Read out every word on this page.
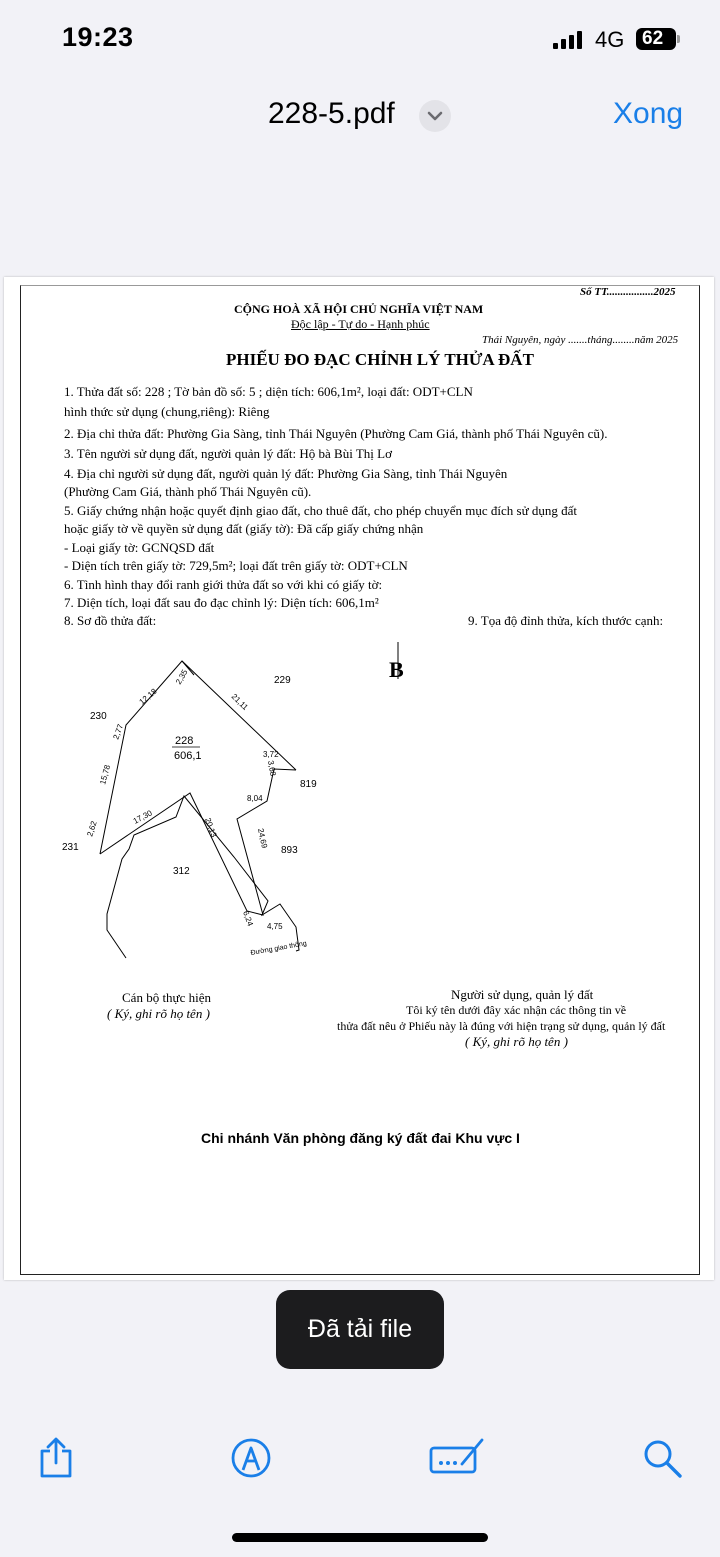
19:23	4G 62
228-5.pdf	Xong
Số TT.................2025
CỘNG HOÀ XÃ HỘI CHỦ NGHĨA VIỆT NAM
Độc lập - Tự do - Hạnh phúc
Thái Nguyên, ngày .......tháng........năm 2025
PHIẾU ĐO ĐẠC CHỈNH LÝ THỬA ĐẤT
1. Thửa đất số: 228 ; Tờ bản đồ số: 5 ; diện tích: 606,1m², loại đất: ODT+CLN
hình thức sử dụng (chung,riêng): Riêng
2. Địa chỉ thửa đất: Phường Gia Sàng, tỉnh Thái Nguyên (Phường Cam Giá, thành phố Thái Nguyên cũ).
3. Tên người sử dụng đất, người quản lý đất: Hộ bà Bùi Thị Lơ
4. Địa chỉ người sử dụng đất, người quản lý đất: Phường Gia Sàng, tỉnh Thái Nguyên
(Phường Cam Giá, thành phố Thái Nguyên cũ).
5. Giấy chứng nhận hoặc quyết định giao đất, cho thuê đất, cho phép chuyển mục đích sử dụng đất
hoặc giấy tờ về quyền sử dụng đất (giấy tờ): Đã cấp giấy chứng nhận
- Loại giấy tờ: GCNQSD đất
- Diện tích trên giấy tờ: 729,5m²; loại đất trên giấy tờ: ODT+CLN
6. Tình hình thay đổi ranh giới thửa đất so với khi có giấy tờ:
7. Diện tích, loại đất sau đo đạc chỉnh lý: Diện tích: 606,1m²
8. Sơ đồ thửa đất:	9. Tọa độ đỉnh thửa, kích thước cạnh:
B
228
606,1
229
230
231
312
819
893
12,18
2,35
21,11
3,72
3,68
8,04
24,69
4,75
6,24
20,13
17,30
2,62
15,78
2,77
Đường giao thông
Cán bộ thực hiện
( Ký, ghi rõ họ tên )
Người sử dụng, quản lý đất
Tôi ký tên dưới đây xác nhận các thông tin về
thửa đất nêu ở Phiếu này là đúng với hiện trạng sử dụng, quản lý đất
( Ký, ghi rõ họ tên )
Chi nhánh Văn phòng đăng ký đất đai Khu vực I
Đã tải file
